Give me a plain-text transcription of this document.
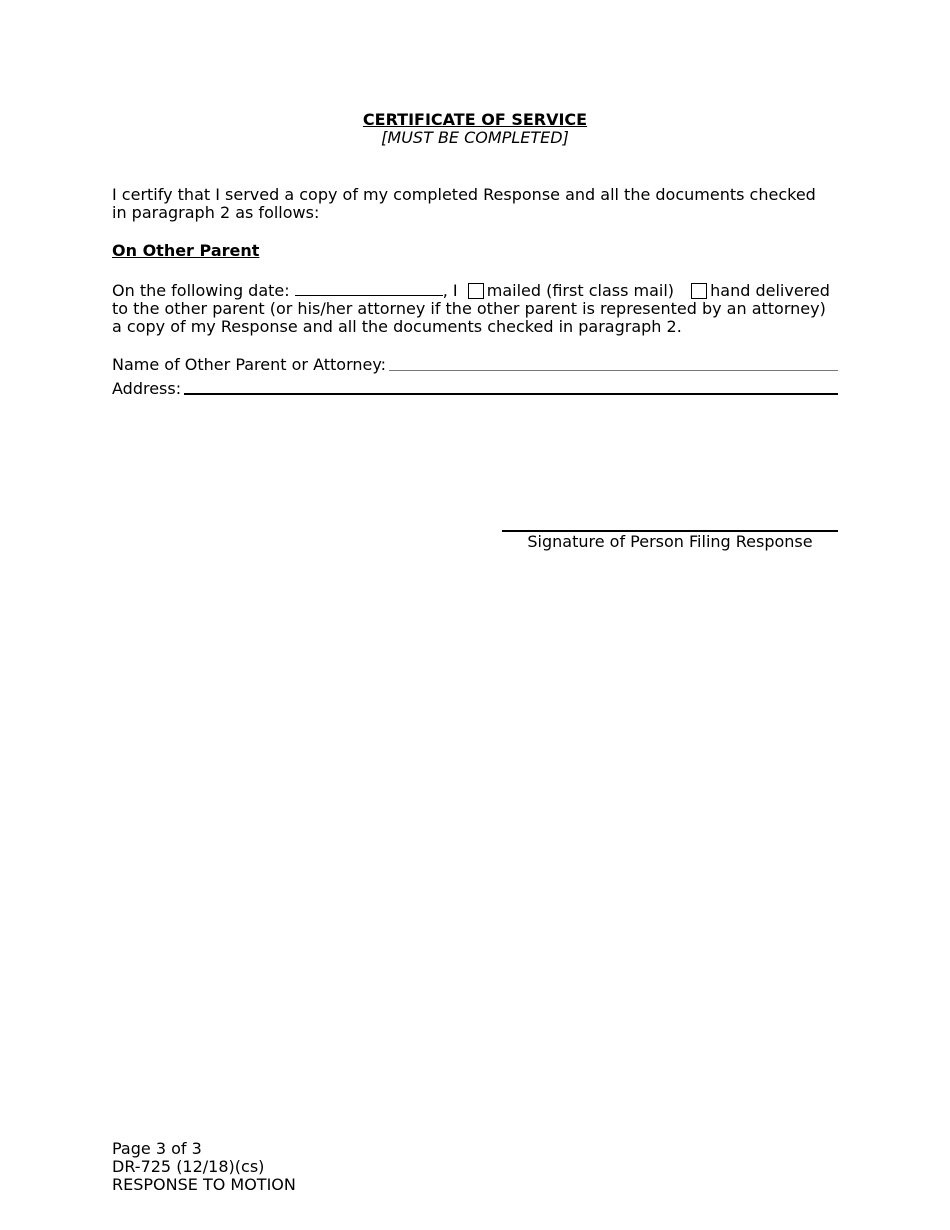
CERTIFICATE OF SERVICE
[MUST BE COMPLETED]
I certify that I served a copy of my completed Response and all the documents checked in paragraph 2 as follows:
On Other Parent
On the following date:	, I mailed (first class mail) hand delivered
to the other parent (or his/her attorney if the other parent is represented by an attorney) a copy of my Response and all the documents checked in paragraph 2.
Name of Other Parent or Attorney:
Address:
Signature of Person Filing Response
Page 3 of 3
DR-725 (12/18)(cs)
RESPONSE TO MOTION
